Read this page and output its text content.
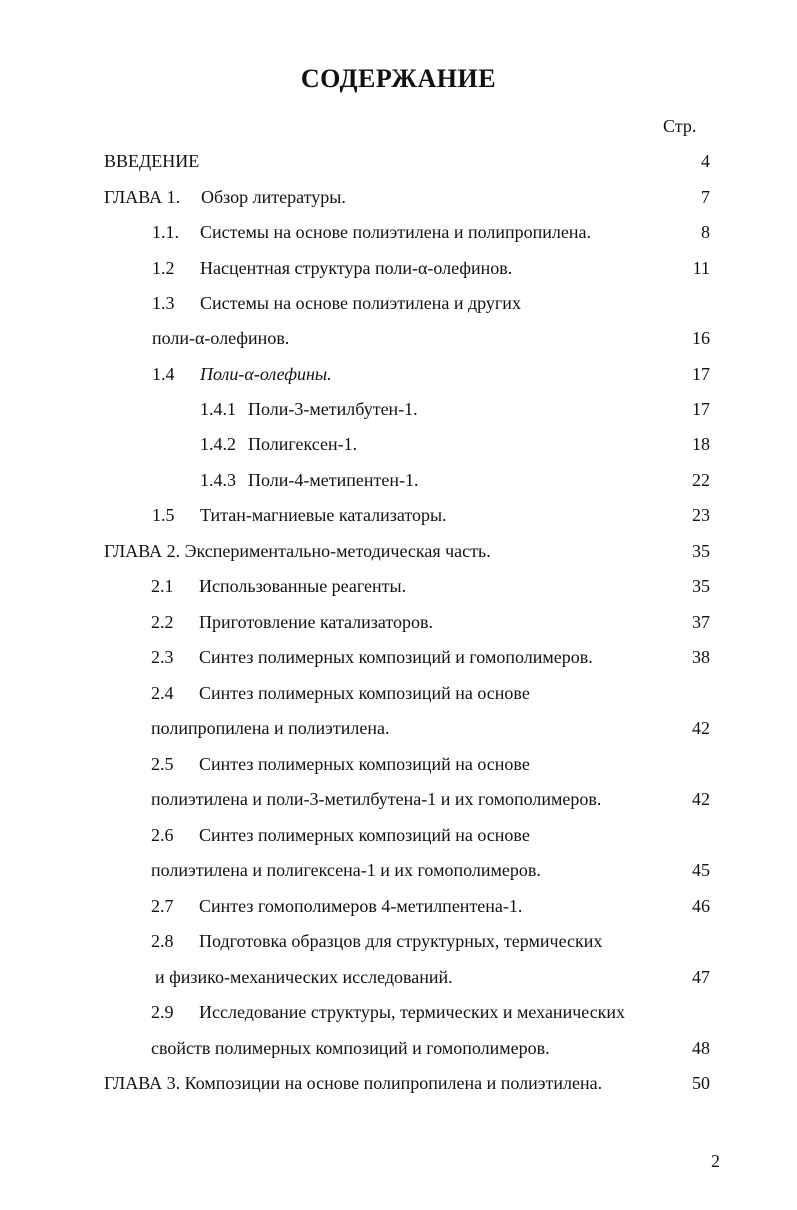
СОДЕРЖАНИЕ
Стр.
ВВЕДЕНИЕ	4
ГЛАВА 1. Обзор литературы.	7
1.1. Системы на основе полиэтилена и полипропилена.	8
1.2 Насцентная структура поли-α-олефинов.	11
1.3 Системы на основе полиэтилена и других
поли-α-олефинов.	16
1.4 Поли-α-олефины.	17
1.4.1 Поли-3-метилбутен-1.	17
1.4.2 Полигексен-1.	18
1.4.3 Поли-4-метипентен-1.	22
1.5 Титан-магниевые катализаторы.	23
ГЛАВА 2. Экспериментально-методическая часть.	35
2.1 Использованные реагенты.	35
2.2 Приготовление катализаторов.	37
2.3 Синтез полимерных композиций и гомополимеров.	38
2.4 Синтез полимерных композиций на основе
полипропилена и полиэтилена.	42
2.5 Синтез полимерных композиций на основе
полиэтилена и поли-3-метилбутена-1 и их гомополимеров.	42
2.6 Синтез полимерных композиций на основе
полиэтилена и полигексена-1 и их гомополимеров.	45
2.7 Синтез гомополимеров 4-метилпентена-1.	46
2.8 Подготовка образцов для структурных, термических
и физико-механических исследований.	47
2.9 Исследование структуры, термических и механических
свойств полимерных композиций и гомополимеров.	48
ГЛАВА 3. Композиции на основе полипропилена и полиэтилена.	50
2
